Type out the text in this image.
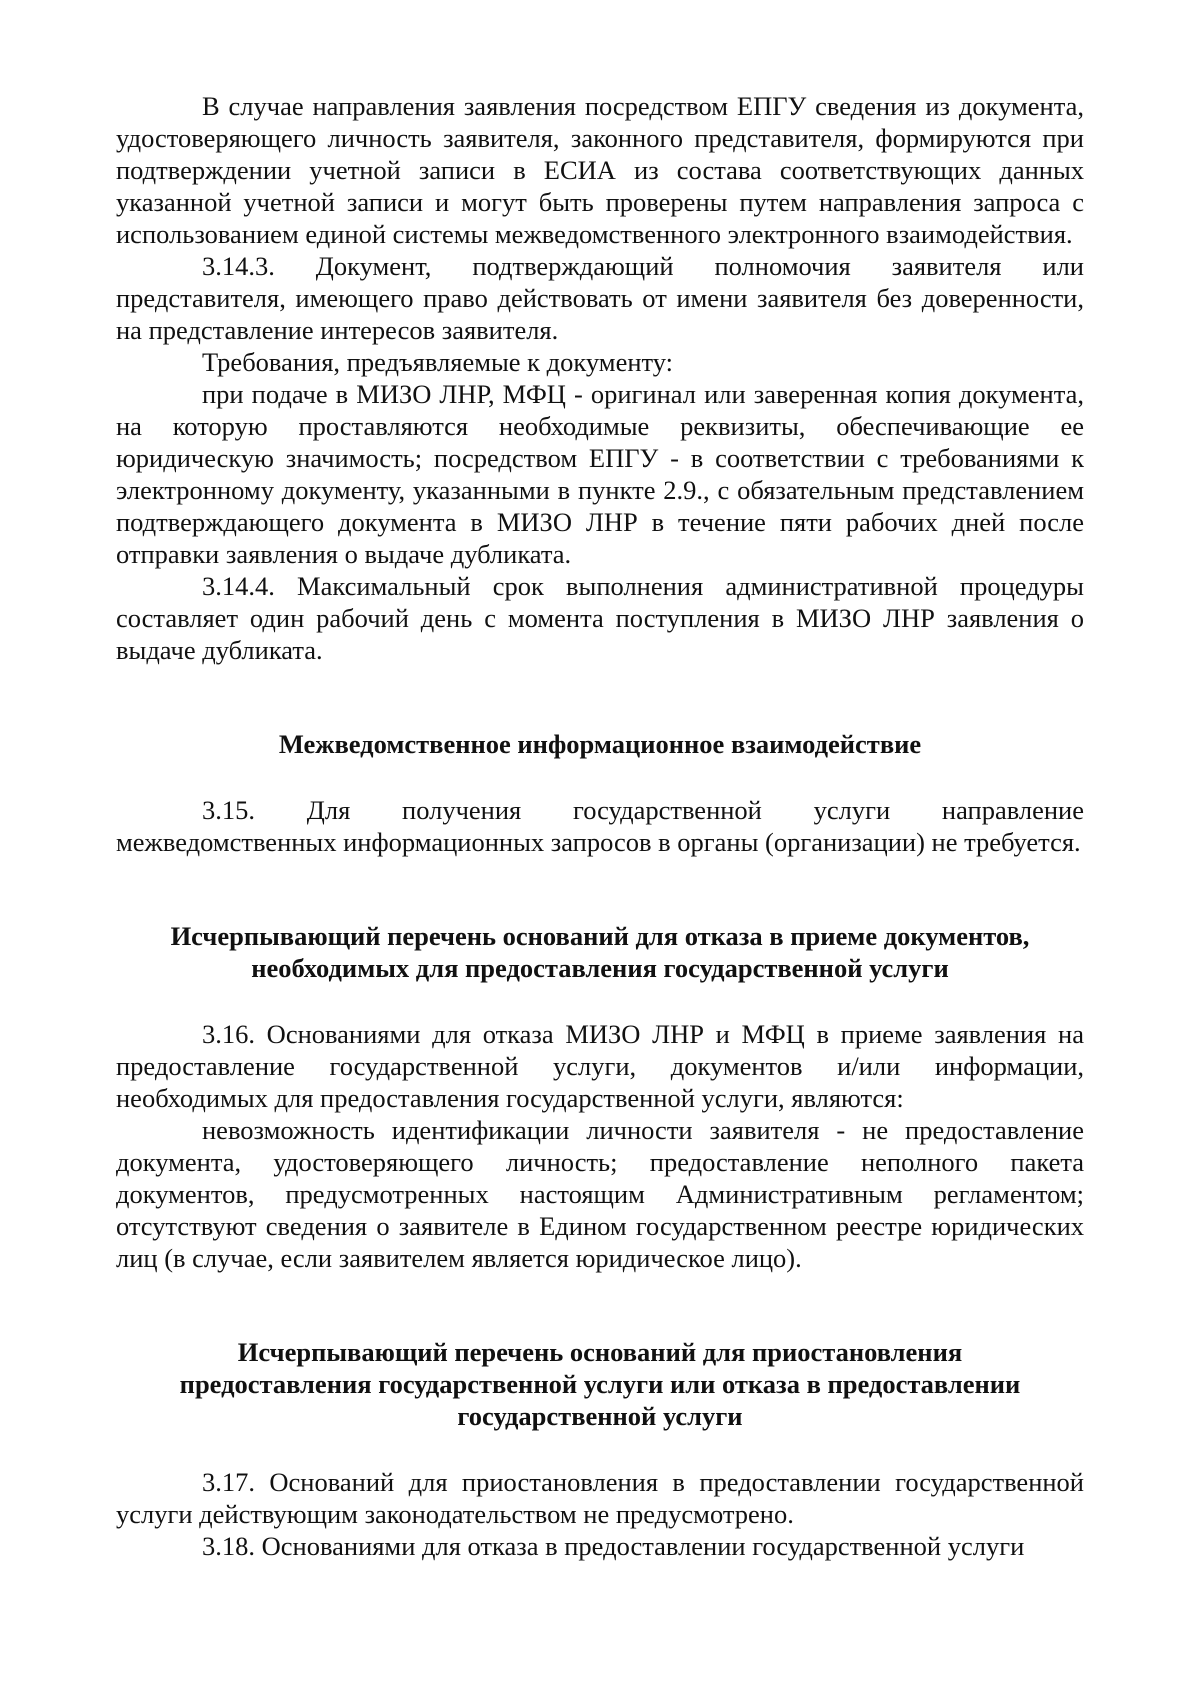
В случае направления заявления посредством ЕПГУ сведения из документа, удостоверяющего личность заявителя, законного представителя, формируются при подтверждении учетной записи в ЕСИА из состава соответствующих данных указанной учетной записи и могут быть проверены путем направления запроса с использованием единой системы межведомственного электронного взаимодействия.

3.14.3. Документ, подтверждающий полномочия заявителя или представителя, имеющего право действовать от имени заявителя без доверенности, на представление интересов заявителя.

Требования, предъявляемые к документу:

при подаче в МИЗО ЛНР, МФЦ - оригинал или заверенная копия документа, на которую проставляются необходимые реквизиты, обеспечивающие ее юридическую значимость; посредством ЕПГУ - в соответствии с требованиями к электронному документу, указанными в пункте 2.9., с обязательным представлением подтверждающего документа в МИЗО ЛНР в течение пяти рабочих дней после отправки заявления о выдаче дубликата.

3.14.4. Максимальный срок выполнения административной процедуры составляет один рабочий день с момента поступления в МИЗО ЛНР заявления о выдаче дубликата.

Межведомственное информационное взаимодействие

3.15. Для получения государственной услуги направление межведомственных информационных запросов в органы (организации) не требуется.

Исчерпывающий перечень оснований для отказа в приеме документов,
необходимых для предоставления государственной услуги

3.16. Основаниями для отказа МИЗО ЛНР и МФЦ в приеме заявления на предоставление государственной услуги, документов и/или информации, необходимых для предоставления государственной услуги, являются:

невозможность идентификации личности заявителя - не предоставление документа, удостоверяющего личность; предоставление неполного пакета документов, предусмотренных настоящим Административным регламентом; отсутствуют сведения о заявителе в Едином государственном реестре юридических лиц (в случае, если заявителем является юридическое лицо).

Исчерпывающий перечень оснований для приостановления
предоставления государственной услуги или отказа в предоставлении
государственной услуги

3.17. Оснований для приостановления в предоставлении государственной услуги действующим законодательством не предусмотрено.

3.18. Основаниями для отказа в предоставлении государственной услуги
